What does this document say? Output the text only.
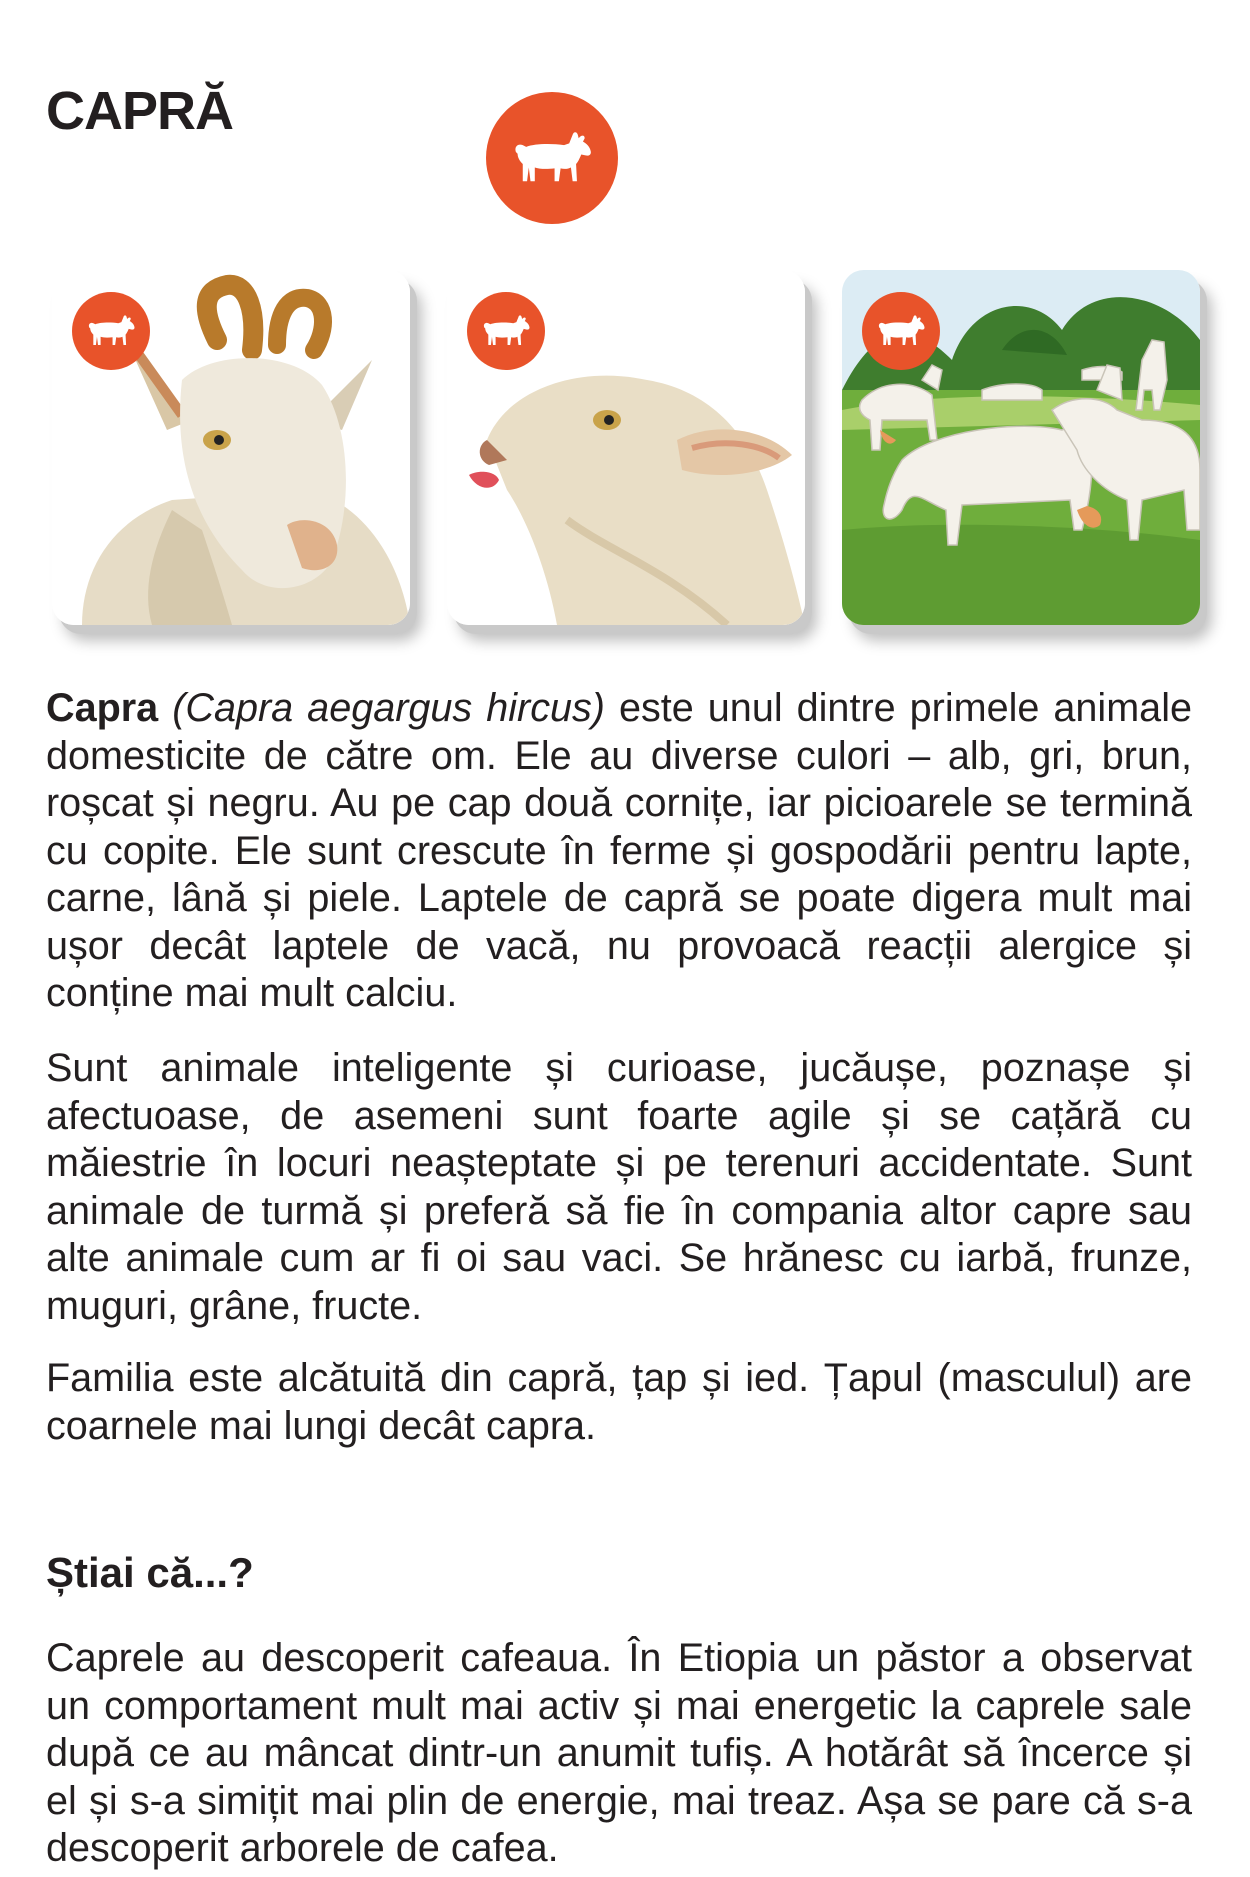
CAPRĂ

Capra (Capra aegargus hircus) este unul dintre primele animale domesticite de către om. Ele au diverse culori – alb, gri, brun, roșcat și negru. Au pe cap două cornițe, iar picioarele se termină cu copite. Ele sunt crescute în ferme și gospodării pentru lapte, carne, lână și piele. Laptele de capră se poate digera mult mai ușor decât laptele de vacă, nu provoacă reacții alergice și conține mai mult calciu.

Sunt animale inteligente și curioase, jucăușe, poznașe și afectuoase, de asemeni sunt foarte agile și se cațără cu măiestrie în locuri neașteptate și pe terenuri accidentate. Sunt animale de turmă și preferă să fie în compania altor capre sau alte animale cum ar fi oi sau vaci. Se hrănesc cu iarbă, frunze, muguri, grâne, fructe.

Familia este alcătuită din capră, țap și ied. Țapul (masculul) are coarnele mai lungi decât capra.

Știai că...?

Caprele au descoperit cafeaua. În Etiopia un păstor a observat un comportament mult mai activ și mai energetic la caprele sale după ce au mâncat dintr-un anumit tufiș. A hotărât să încerce și el și s-a simițit mai plin de energie, mai treaz. Așa se pare că s-a descoperit arborele de cafea.
